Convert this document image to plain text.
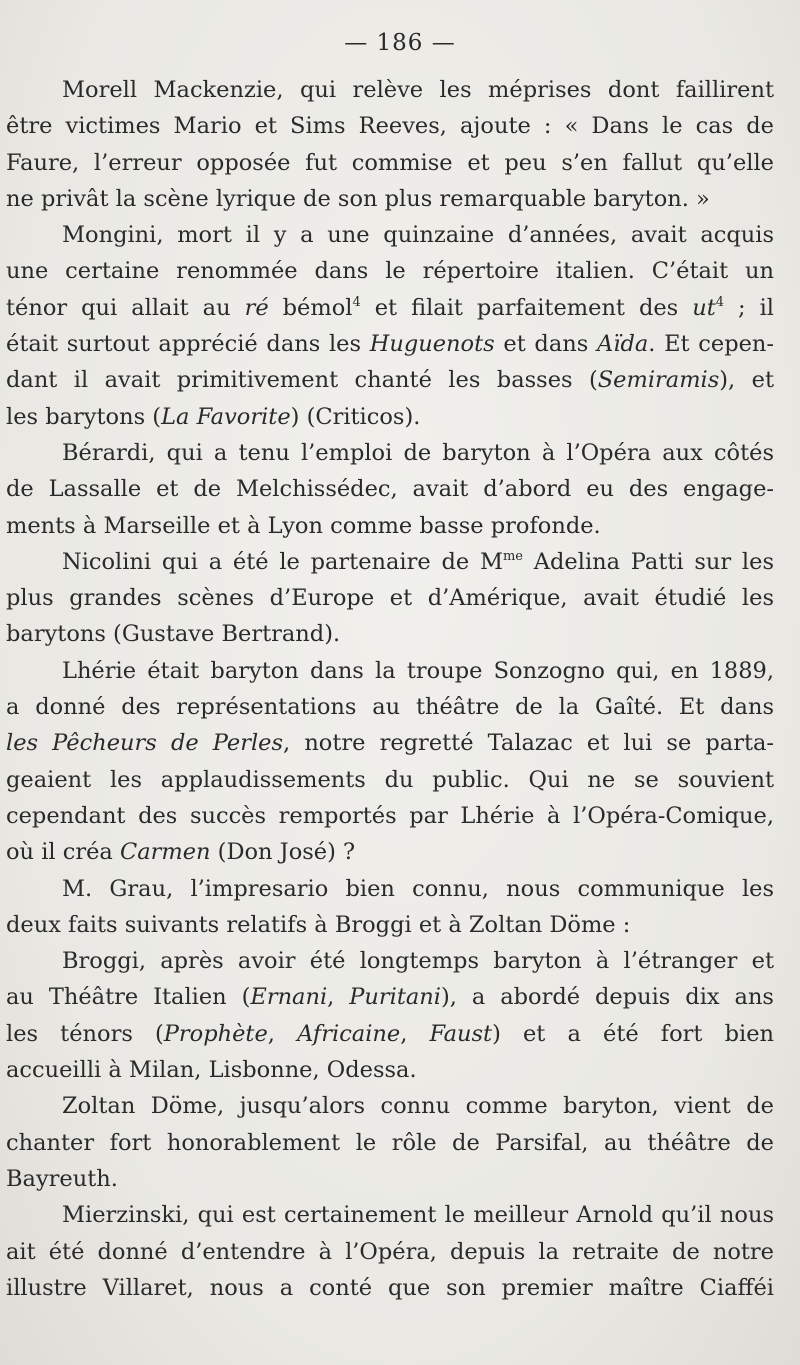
— 186 —

Morell Mackenzie, qui relève les méprises dont faillirent
être victimes Mario et Sims Reeves, ajoute : « Dans le cas de
Faure, l’erreur opposée fut commise et peu s’en fallut qu’elle
ne privât la scène lyrique de son plus remarquable baryton. »

Mongini, mort il y a une quinzaine d’années, avait acquis
une certaine renommée dans le répertoire italien. C’était un
ténor qui allait au ré bémol$^4$ et filait parfaitement des $ut^4$ ; il
était surtout apprécié dans les Huguenots et dans Aïda. Et cepen-
dant il avait primitivement chanté les basses (Semiramis), et
les barytons (La Favorite) (Criticos).

Bérardi, qui a tenu l’emploi de baryton à l’Opéra aux côtés
de Lassalle et de Melchissédec, avait d’abord eu des engage-
ments à Marseille et à Lyon comme basse profonde.

Nicolini qui a été le partenaire de $M^{me}$ Adelina Patti sur les
plus grandes scènes d’Europe et d’Amérique, avait étudié les
barytons (Gustave Bertrand).

Lhérie était baryton dans la troupe Sonzogno qui, en 1889,
a donné des représentations au théâtre de la Gaîté. Et dans
les Pêcheurs de Perles, notre regretté Talazac et lui se parta-
geaient les applaudissements du public. Qui ne se souvient
cependant des succès remportés par Lhérie à l’Opéra-Comique,
où il créa Carmen (Don José) ?

M. Grau, l’impresario bien connu, nous communique les
deux faits suivants relatifs à Broggi et à Zoltan Döme :

Broggi, après avoir été longtemps baryton à l’étranger et
au Théâtre Italien (Ernani, Puritani), a abordé depuis dix ans
les ténors (Prophète, Africaine, Faust) et a été fort bien
accueilli à Milan, Lisbonne, Odessa.

Zoltan Döme, jusqu’alors connu comme baryton, vient de
chanter fort honorablement le rôle de Parsifal, au théâtre de
Bayreuth.

Mierzinski, qui est certainement le meilleur Arnold qu’il nous
ait été donné d’entendre à l’Opéra, depuis la retraite de notre
illustre Villaret, nous a conté que son premier maître Ciafféi
